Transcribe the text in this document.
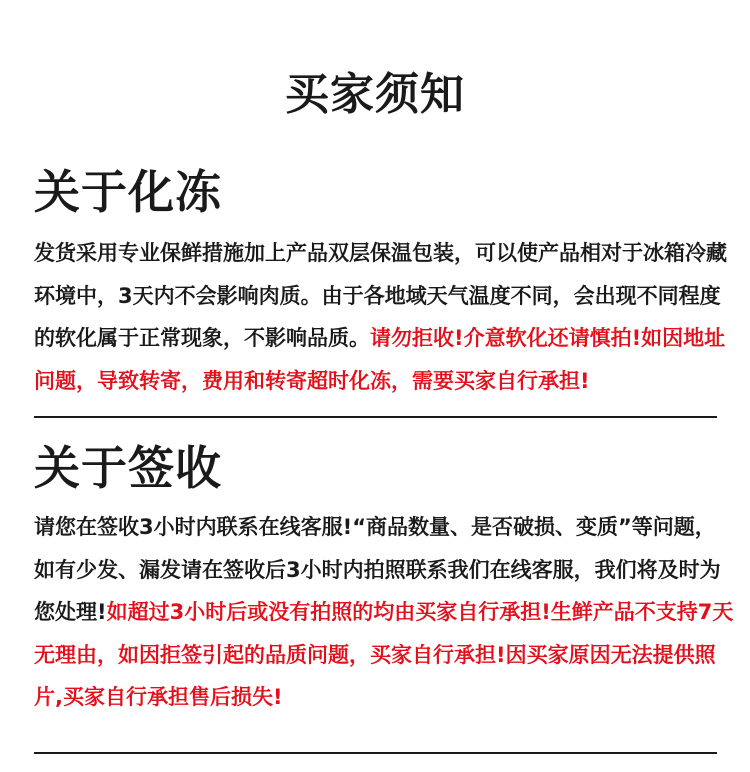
买家须知
关于化冻

发货采用专业保鲜措施加上产品双层保温包装，可以使产品相对于冰箱冷藏环境中，3天内不会影响肉质。由于各地域天气温度不同，会出现不同程度的软化属于正常现象，不影响品质。请勿拒收!介意软化还请慎拍!如因地址问题，导致转寄，费用和转寄超时化冻，需要买家自行承担!

关于签收

请您在签收3小时内联系在线客服!“商品数量、是否破损、变质”等问题，如有少发、漏发请在签收后3小时内拍照联系我们在线客服，我们将及时为您处理!如超过3小时后或没有拍照的均由买家自行承担!生鲜产品不支持7天无理由，如因拒签引起的品质问题，买家自行承担!因买家原因无法提供照片,买家自行承担售后损失!
